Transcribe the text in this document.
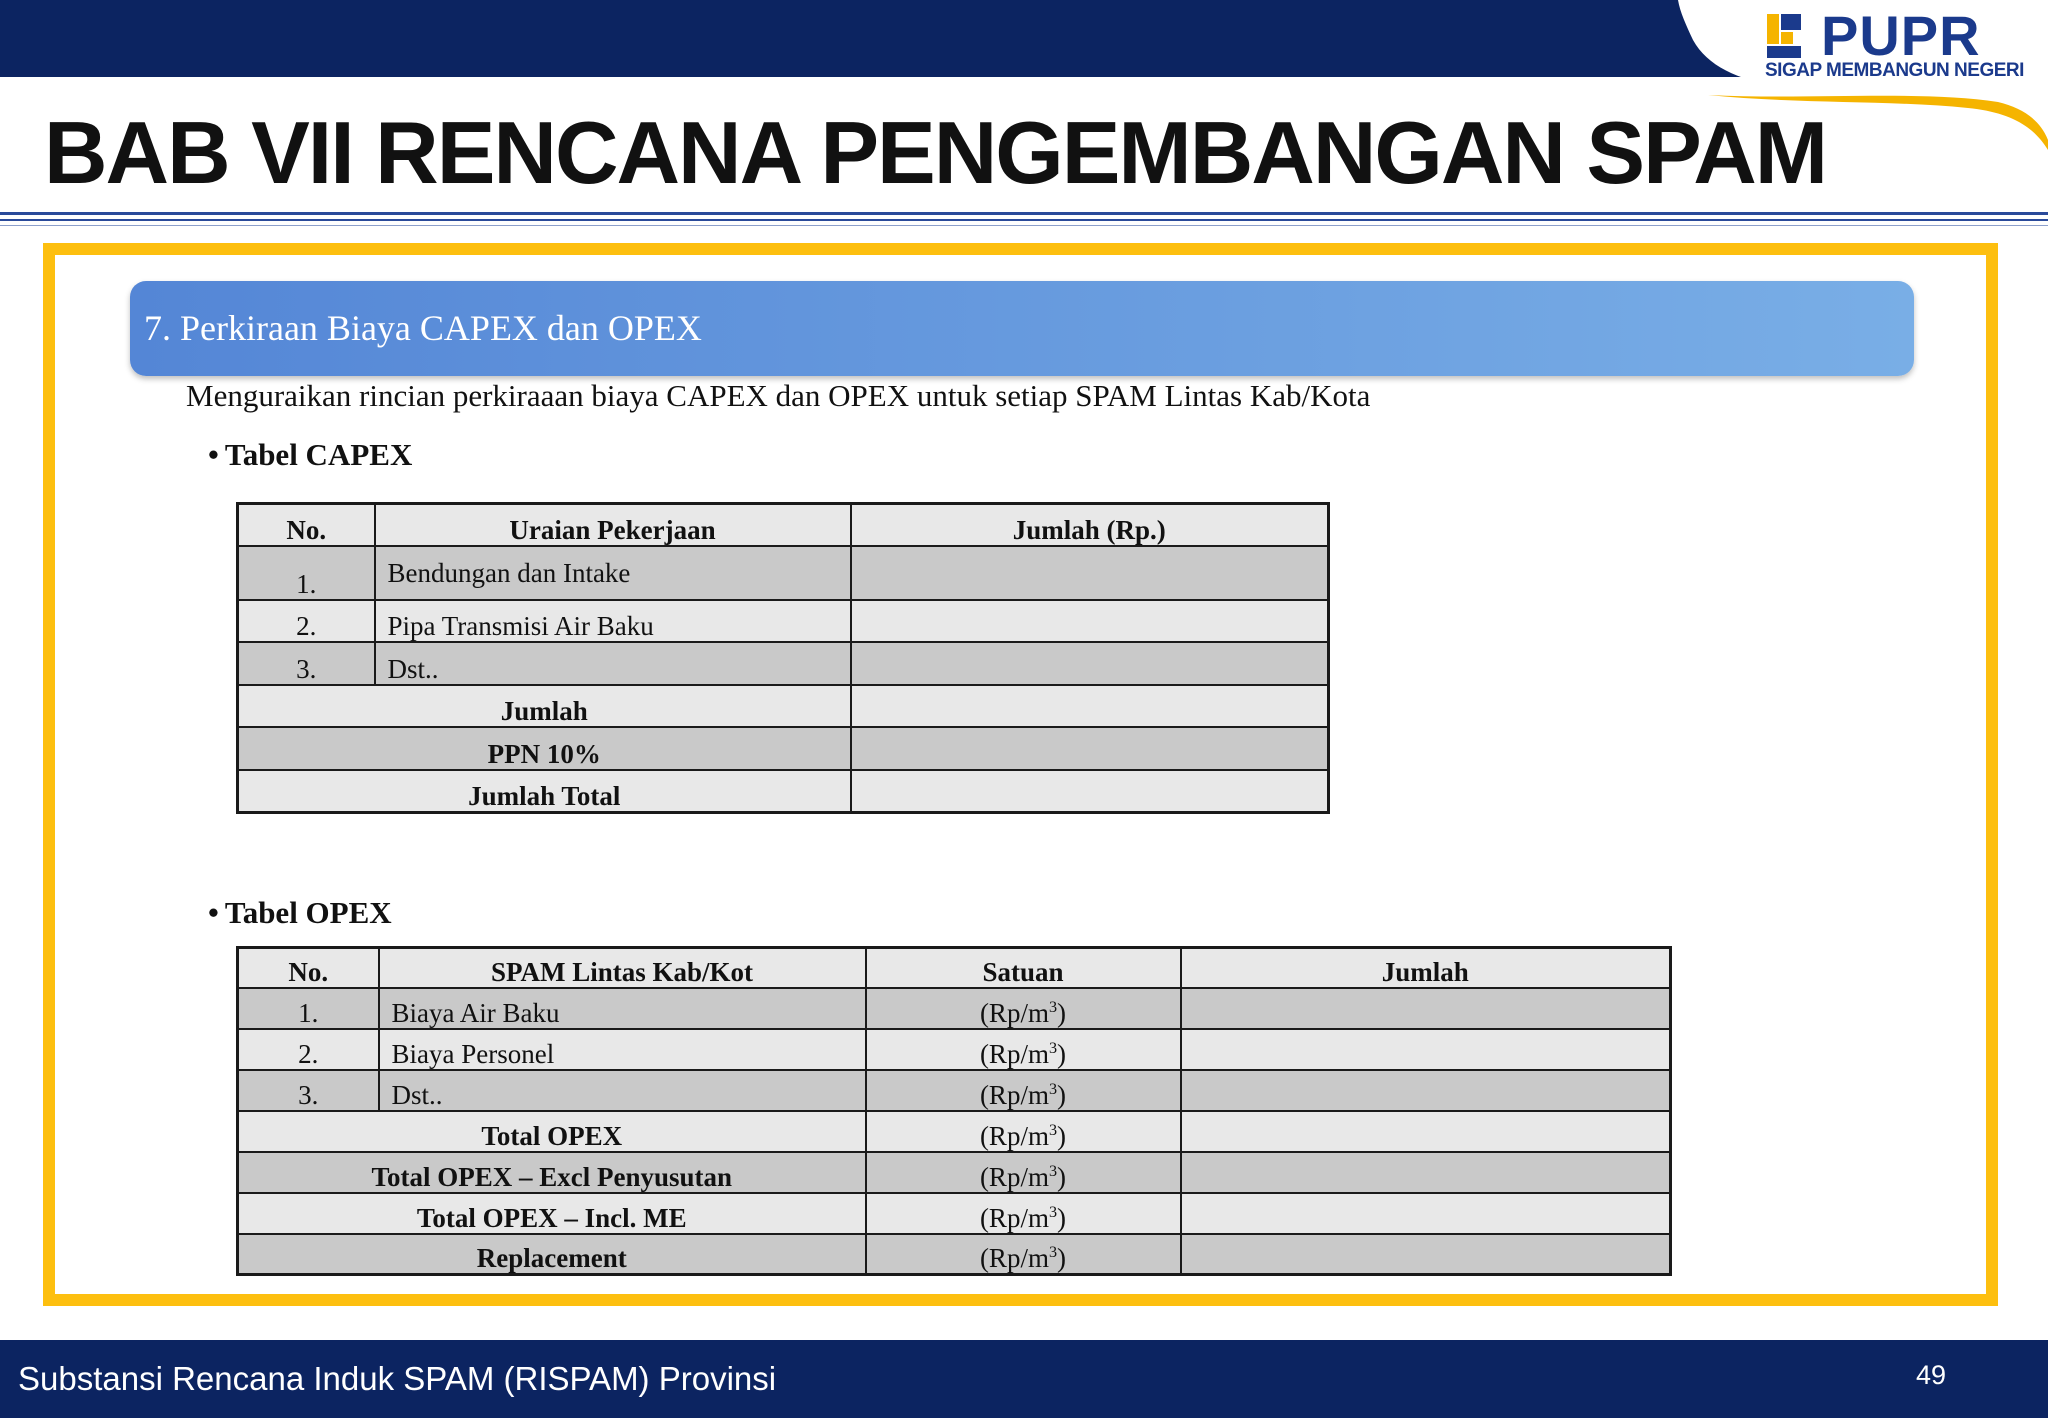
PUPR
SIGAP MEMBANGUN NEGERI
BAB VII RENCANA PENGEMBANGAN SPAM
7. Perkiraan Biaya CAPEX dan OPEX
Menguraikan rincian perkiraaan biaya CAPEX dan OPEX untuk setiap SPAM Lintas Kab/Kota
• Tabel CAPEX
No.	Uraian Pekerjaan	Jumlah (Rp.)
1.	Bendungan dan Intake	
2.	Pipa Transmisi Air Baku	
3.	Dst..	
Jumlah		
PPN 10%		
Jumlah Total		
• Tabel OPEX
No.	SPAM Lintas Kab/Kot	Satuan	Jumlah
1.	Biaya Air Baku	$(Rp/m^3)$	
2.	Biaya Personel	$(Rp/m^3)$	
3.	Dst..	$(Rp/m^3)$	
Total OPEX		$(Rp/m^3)$	
Total OPEX – Excl Penyusutan		$(Rp/m^3)$	
Total OPEX – Incl. ME		$(Rp/m^3)$	
Replacement		$(Rp/m^3)$	
Substansi Rencana Induk SPAM (RISPAM) Provinsi	49
